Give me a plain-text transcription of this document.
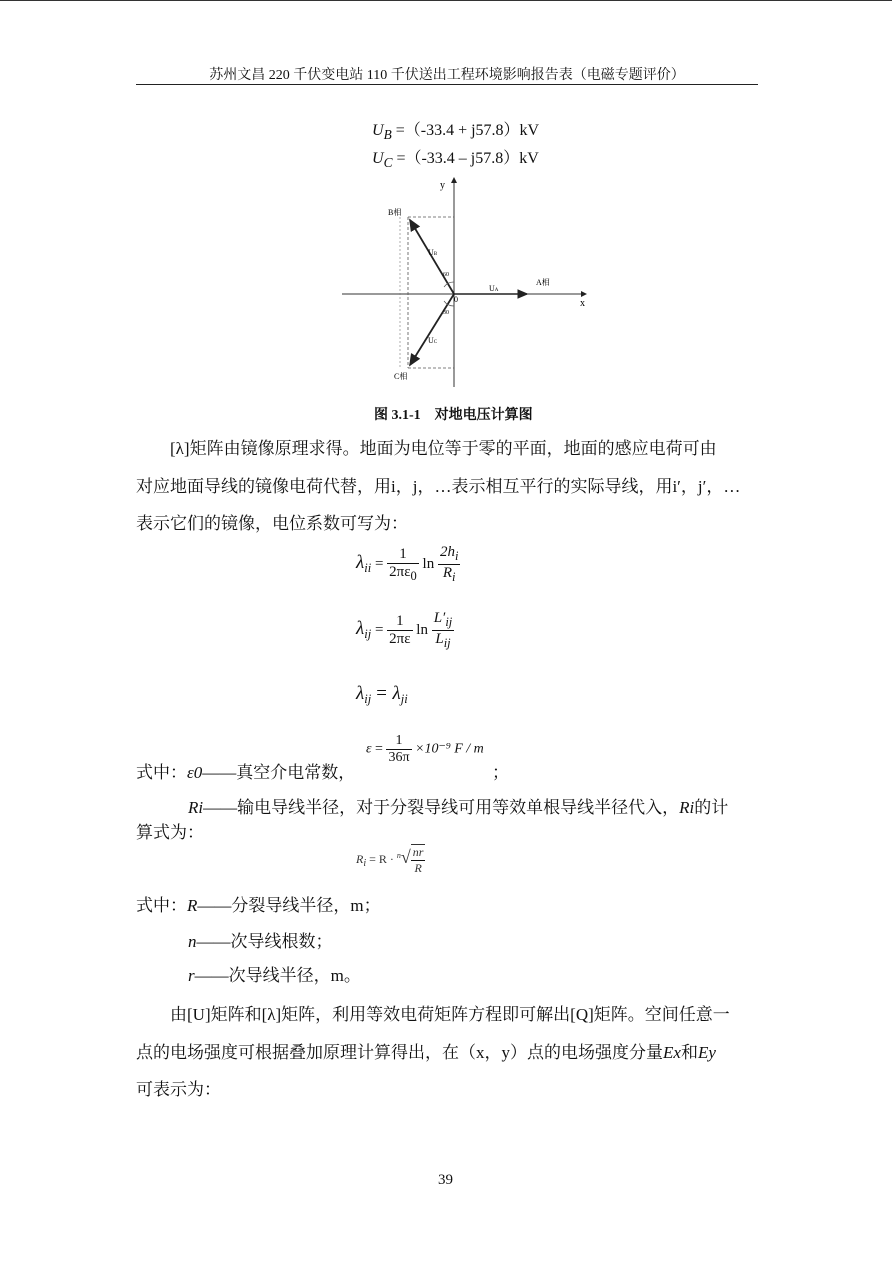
苏州文昌 220 千伏变电站 110 千伏送出工程环境影响报告表（电磁专题评价）
$U_B =(-33.4 + j57.8)kV$
$U_C =(-33.4 - j57.8)kV$
y
x
0
A相
B相
C相
UA
UB
UC
60
30
图 3.1-1　对地电压计算图
[λ]矩阵由镜像原理求得。地面为电位等于零的平面，地面的感应电荷可由
对应地面导线的镜像电荷代替，用i，j，…表示相互平行的实际导线，用i′，j′，…
表示它们的镜像，电位系数可写为：
$\lambda_{ii} = \frac{1}{2\pi\varepsilon_0}$ $\ln \frac{2h_i}{R_i}$
$\lambda_{ij} = \frac{1}{2\pi\varepsilon}$ $\ln \frac{L'_{ij}}{L_{ij}}$
$\lambda_{ij} = \lambda_{ji}$
式中：ε0——真空介电常数，
$\varepsilon = \frac{1}{36\pi} \times 10^{-9}$ F / m
；
Ri——输电导线半径，对于分裂导线可用等效单根导线半径代入，Ri的计
算式为：
$R_i = R \cdot ^n√ \frac{nr}{R}$
式中：R——分裂导线半径，m；
n——次导线根数；
r——次导线半径，m。
由[U]矩阵和[λ]矩阵，利用等效电荷矩阵方程即可解出[Q]矩阵。空间任意一
点的电场强度可根据叠加原理计算得出，在（x，y）点的电场强度分量Ex和Ey
可表示为：
39
